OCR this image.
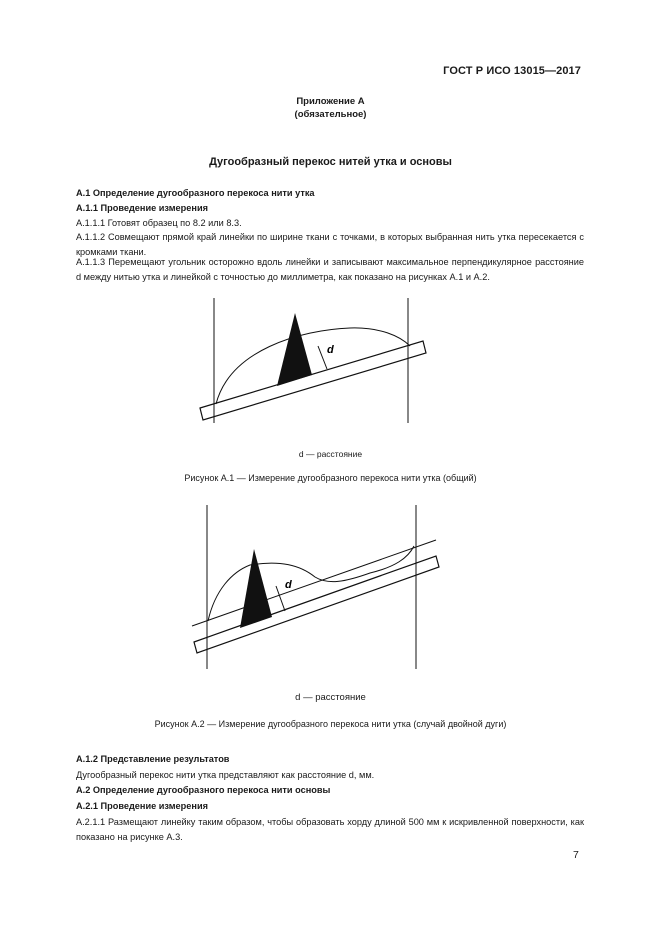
ГОСТ Р ИСО 13015—2017
Приложение А
(обязательное)
Дугообразный перекос нитей утка и основы
А.1 Определение дугообразного перекоса нити утка
А.1.1 Проведение измерения
А.1.1.1 Готовят образец по 8.2 или 8.3.
А.1.1.2 Совмещают прямой край линейки по ширине ткани с точками, в которых выбранная нить утка пересекается с кромками ткани.
А.1.1.3 Перемещают угольник осторожно вдоль линейки и записывают максимальное перпендикулярное расстояние d между нитью утка и линейкой с точностью до миллиметра, как показано на рисунках А.1 и А.2.
d
d — расстояние
Рисунок А.1 — Измерение дугообразного перекоса нити утка (общий)
d
d — расстояние
Рисунок А.2 — Измерение дугообразного перекоса нити утка (случай двойной дуги)
А.1.2 Представление результатов
Дугообразный перекос нити утка представляют как расстояние d, мм.
А.2 Определение дугообразного перекоса нити основы
А.2.1 Проведение измерения
А.2.1.1 Размещают линейку таким образом, чтобы образовать хорду длиной 500 мм к искривленной поверхности, как показано на рисунке А.3.
7
